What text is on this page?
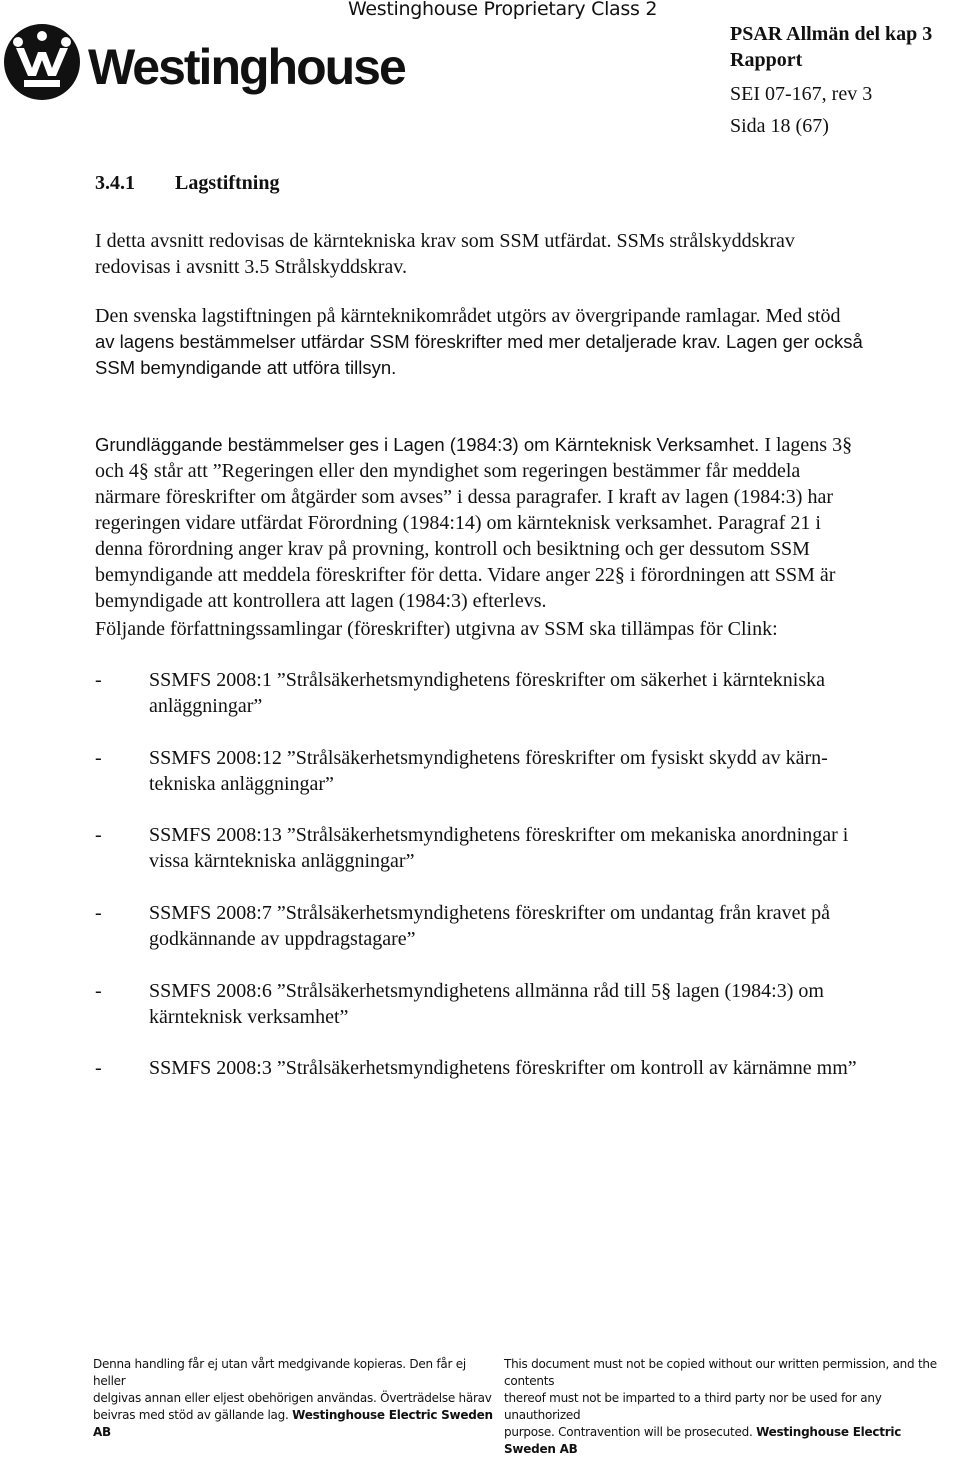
Westinghouse
Westinghouse Proprietary Class 2
PSAR Allmän del kap 3
Rapport
SEI 07-167, rev 3
Sida 18 (67)
3.4.1 Lagstiftning
I detta avsnitt redovisas de kärntekniska krav som SSM utfärdat. SSMs strålskyddskrav
redovisas i avsnitt 3.5 Strålskyddskrav.
Den svenska lagstiftningen på kärnteknikområdet utgörs av övergripande ramlagar. Med stöd
av lagens bestämmelser utfärdar SSM föreskrifter med mer detaljerade krav. Lagen ger också
SSM bemyndigande att utföra tillsyn.
Grundläggande bestämmelser ges i Lagen (1984:3) om Kärnteknisk Verksamhet. I lagens 3§
och 4§ står att ”Regeringen eller den myndighet som regeringen bestämmer får meddela
närmare föreskrifter om åtgärder som avses” i dessa paragrafer. I kraft av lagen (1984:3) har
regeringen vidare utfärdat Förordning (1984:14) om kärnteknisk verksamhet. Paragraf 21 i
denna förordning anger krav på provning, kontroll och besiktning och ger dessutom SSM
bemyndigande att meddela föreskrifter för detta. Vidare anger 22§ i förordningen att SSM är
bemyndigade att kontrollera att lagen (1984:3) efterlevs.
Följande författningssamlingar (föreskrifter) utgivna av SSM ska tillämpas för Clink:
- SSMFS 2008:1 ”Strålsäkerhetsmyndighetens föreskrifter om säkerhet i kärntekniska
anläggningar”
- SSMFS 2008:12 ”Strålsäkerhetsmyndighetens föreskrifter om fysiskt skydd av kärn-
tekniska anläggningar”
- SSMFS 2008:13 ”Strålsäkerhetsmyndighetens föreskrifter om mekaniska anordningar i
vissa kärntekniska anläggningar”
- SSMFS 2008:7 ”Strålsäkerhetsmyndighetens föreskrifter om undantag från kravet på
godkännande av uppdragstagare”
- SSMFS 2008:6 ”Strålsäkerhetsmyndighetens allmänna råd till 5§ lagen (1984:3) om
kärnteknisk verksamhet”
- SSMFS 2008:3 ”Strålsäkerhetsmyndighetens föreskrifter om kontroll av kärnämne mm”
Denna handling får ej utan vårt medgivande kopieras. Den får ej heller
delgivas annan eller eljest obehörigen användas. Överträdelse härav
beivras med stöd av gällande lag. Westinghouse Electric Sweden AB
This document must not be copied without our written permission, and the contents
thereof must not be imparted to a third party nor be used for any unauthorized
purpose. Contravention will be prosecuted. Westinghouse Electric Sweden AB
